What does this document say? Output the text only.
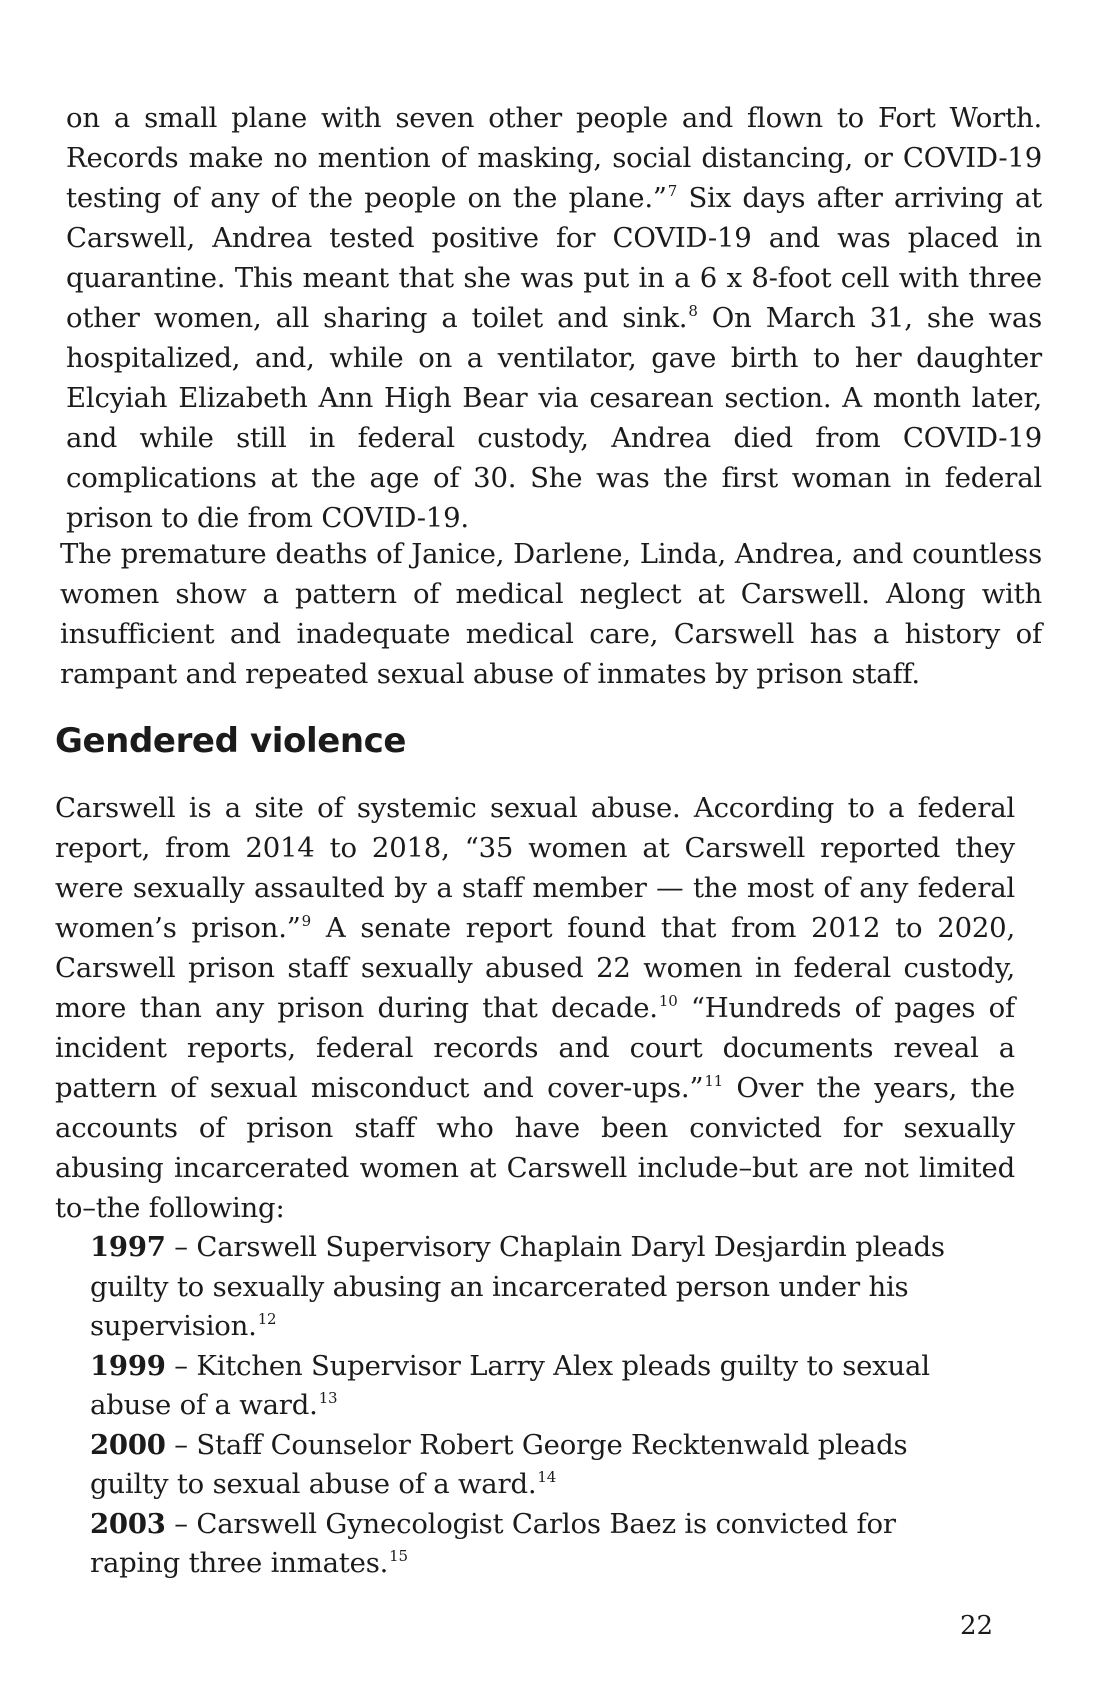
on a small plane with seven other people and flown to Fort Worth. Records make no mention of masking, social distancing, or COVID-19 testing of any of the people on the plane.”$^7$ Six days after arriving at Carswell, Andrea tested positive for COVID-19 and was placed in quarantine. This meant that she was put in a 6 x 8-foot cell with three other women, all sharing a toilet and sink.$^8$ On March 31, she was hospitalized, and, while on a ventilator, gave birth to her daughter Elcyiah Elizabeth Ann High Bear via cesarean section. A month later, and while still in federal custody, Andrea died from COVID-19 complications at the age of 30. She was the first woman in federal prison to die from COVID-19.

The premature deaths of Janice, Darlene, Linda, Andrea, and countless women show a pattern of medical neglect at Carswell. Along with insufficient and inadequate medical care, Carswell has a history of rampant and repeated sexual abuse of inmates by prison staff.

Gendered violence

Carswell is a site of systemic sexual abuse. According to a federal report, from 2014 to 2018, “35 women at Carswell reported they were sexually assaulted by a staff member — the most of any federal women’s prison.”$^9$ A senate report found that from 2012 to 2020, Carswell prison staff sexually abused 22 women in federal custody, more than any prison during that decade.$^{10}$ “Hundreds of pages of incident reports, federal records and court documents reveal a pattern of sexual misconduct and cover-ups.”$^{11}$ Over the years, the accounts of prison staff who have been convicted for sexually abusing incarcerated women at Carswell include–but are not limited to–the following:

1997 – Carswell Supervisory Chaplain Daryl Desjardin pleads guilty to sexually abusing an incarcerated person under his supervision.$^{12}$
1999 – Kitchen Supervisor Larry Alex pleads guilty to sexual abuse of a ward.$^{13}$
2000 – Staff Counselor Robert George Recktenwald pleads guilty to sexual abuse of a ward.$^{14}$
2003 – Carswell Gynecologist Carlos Baez is convicted for raping three inmates.$^{15}$
22
